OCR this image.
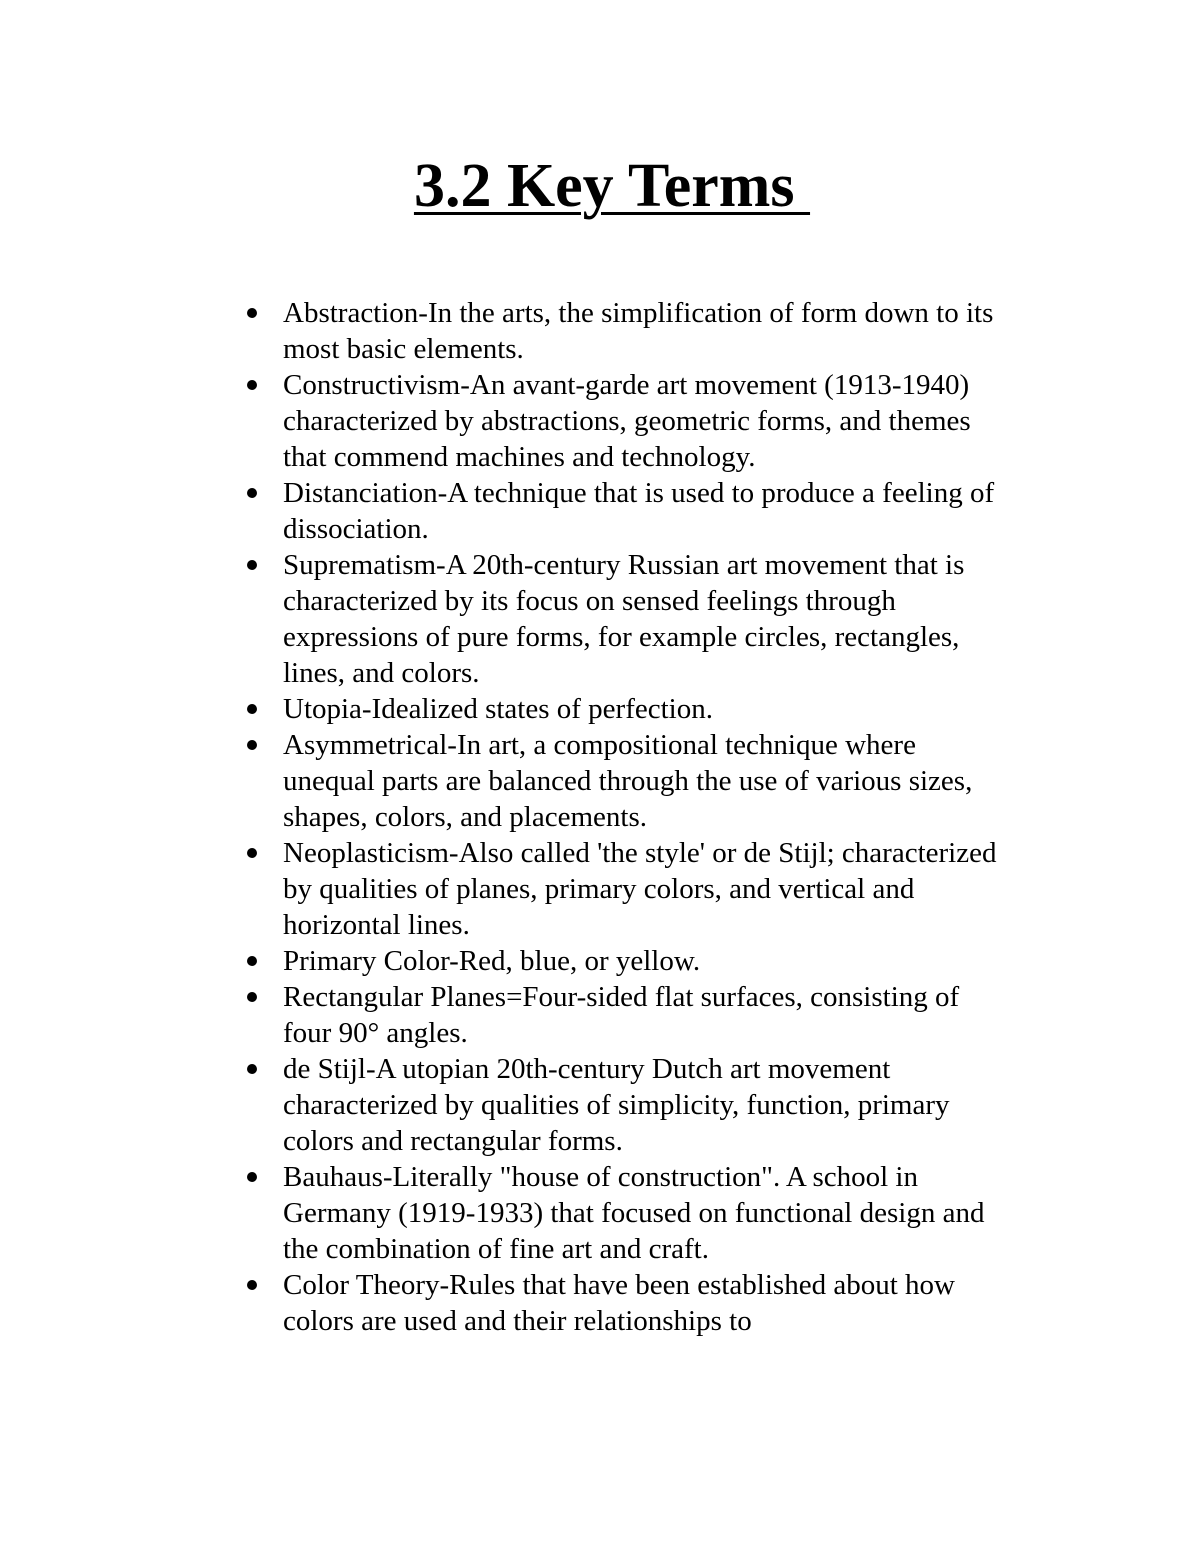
3.2 Key Terms
Abstraction-In the arts, the simplification of form down to its
most basic elements.
Constructivism-An avant-garde art movement (1913-1940)
characterized by abstractions, geometric forms, and themes
that commend machines and technology.
Distanciation-A technique that is used to produce a feeling of
dissociation.
Suprematism-A 20th-century Russian art movement that is
characterized by its focus on sensed feelings through
expressions of pure forms, for example circles, rectangles,
lines, and colors.
Utopia-Idealized states of perfection.
Asymmetrical-In art, a compositional technique where
unequal parts are balanced through the use of various sizes,
shapes, colors, and placements.
Neoplasticism-Also called 'the style' or de Stijl; characterized
by qualities of planes, primary colors, and vertical and
horizontal lines.
Primary Color-Red, blue, or yellow.
Rectangular Planes=Four-sided flat surfaces, consisting of
four 90° angles.
de Stijl-A utopian 20th-century Dutch art movement
characterized by qualities of simplicity, function, primary
colors and rectangular forms.
Bauhaus-Literally "house of construction". A school in
Germany (1919-1933) that focused on functional design and
the combination of fine art and craft.
Color Theory-Rules that have been established about how
colors are used and their relationships to
